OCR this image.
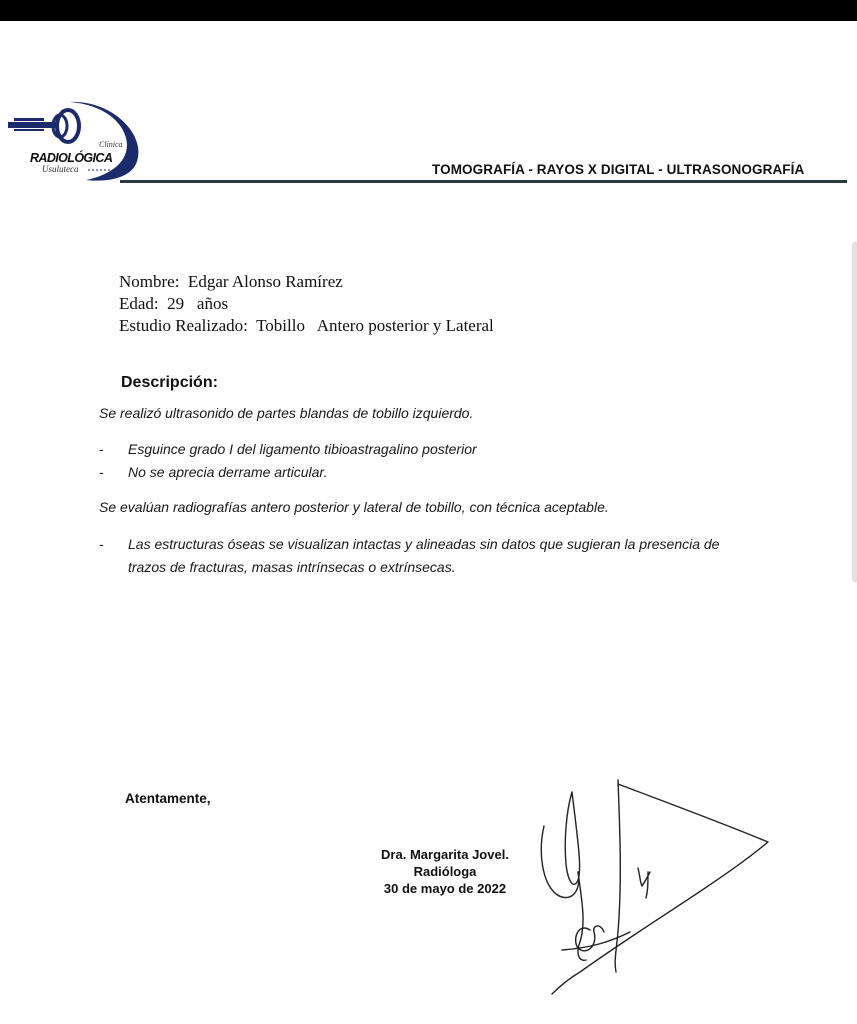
Clínica
RADIOLÓGICA
Usuluteca	TOMOGRAFÍA - RAYOS X DIGITAL - ULTRASONOGRAFÍA
Nombre:  Edgar Alonso Ramírez
Edad:  29   años
Estudio Realizado:  Tobillo   Antero posterior y Lateral
Descripción:
Se realizó ultrasonido de partes blandas de tobillo izquierdo.
- Esguince grado I del ligamento tibioastragalino posterior
- No se aprecia derrame articular.
Se evalúan radiografías antero posterior y lateral de tobillo, con técnica aceptable.
- Las estructuras óseas se visualizan intactas y alineadas sin datos que sugieran la presencia de
trazos de fracturas, masas intrínsecas o extrínsecas.
Atentamente,
Dra. Margarita Jovel.
Radióloga
30 de mayo de 2022
